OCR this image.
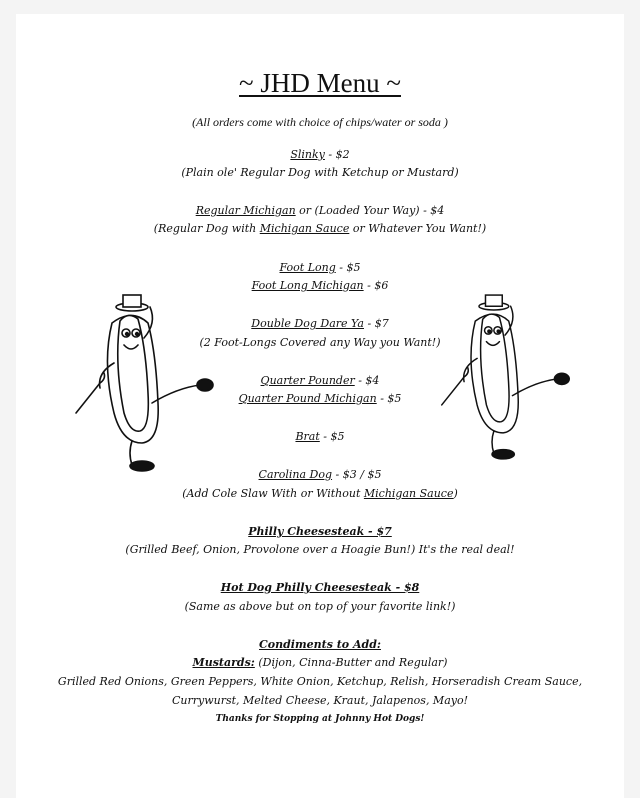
~ JHD Menu ~
(All orders come with choice of chips/water or soda )
Slinky - $2
(Plain ole' Regular Dog with Ketchup or Mustard)
Regular Michigan or (Loaded Your Way) - $4
(Regular Dog with Michigan Sauce or Whatever You Want!)
Foot Long - $5
Foot Long Michigan - $6
Double Dog Dare Ya - $7
(2 Foot-Longs Covered any Way you Want!)
Quarter Pounder - $4
Quarter Pound Michigan - $5
Brat - $5
Carolina Dog - $3 / $5
(Add Cole Slaw With or Without Michigan Sauce)
Philly Cheesesteak - $7
(Grilled Beef, Onion, Provolone over a Hoagie Bun!) It's the real deal!
Hot Dog Philly Cheesesteak - $8
(Same as above but on top of your favorite link!)
Condiments to Add:
Mustards: (Dijon, Cinna-Butter and Regular)
Grilled Red Onions, Green Peppers, White Onion, Ketchup, Relish, Horseradish Cream Sauce,
Currywurst, Melted Cheese, Kraut, Jalapenos, Mayo!
Thanks for Stopping at Johnny Hot Dogs!
